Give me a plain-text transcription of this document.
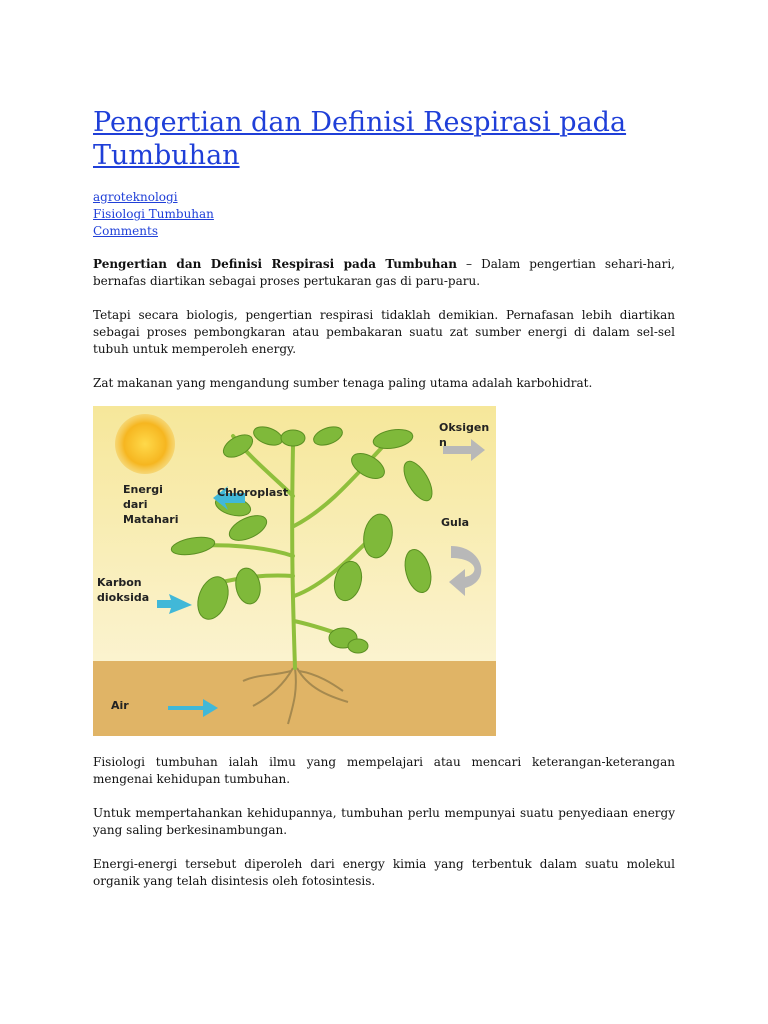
Pengertian dan Definisi Respirasi pada Tumbuhan
agroteknologi
Fisiologi Tumbuhan
Comments

Pengertian dan Definisi Respirasi pada Tumbuhan – Dalam pengertian sehari-hari, bernafas diartikan sebagai proses pertukaran gas di paru-paru.

Tetapi secara biologis, pengertian respirasi tidaklah demikian. Pernafasan lebih diartikan sebagai proses pembongkaran atau pembakaran suatu zat sumber energi di dalam sel-sel tubuh untuk memperoleh energy.

Zat makanan yang mengandung sumber tenaga paling utama adalah karbohidrat.

Energi dari Matahari
Chloroplast
Karbon dioksida
Air
Oksigen n
Gula

Fisiologi tumbuhan ialah ilmu yang mempelajari atau mencari keterangan-keterangan mengenai kehidupan tumbuhan.

Untuk mempertahankan kehidupannya, tumbuhan perlu mempunyai suatu penyediaan energy yang saling berkesinambungan.

Energi-energi tersebut diperoleh dari energy kimia yang terbentuk dalam suatu molekul organik yang telah disintesis oleh fotosintesis.
